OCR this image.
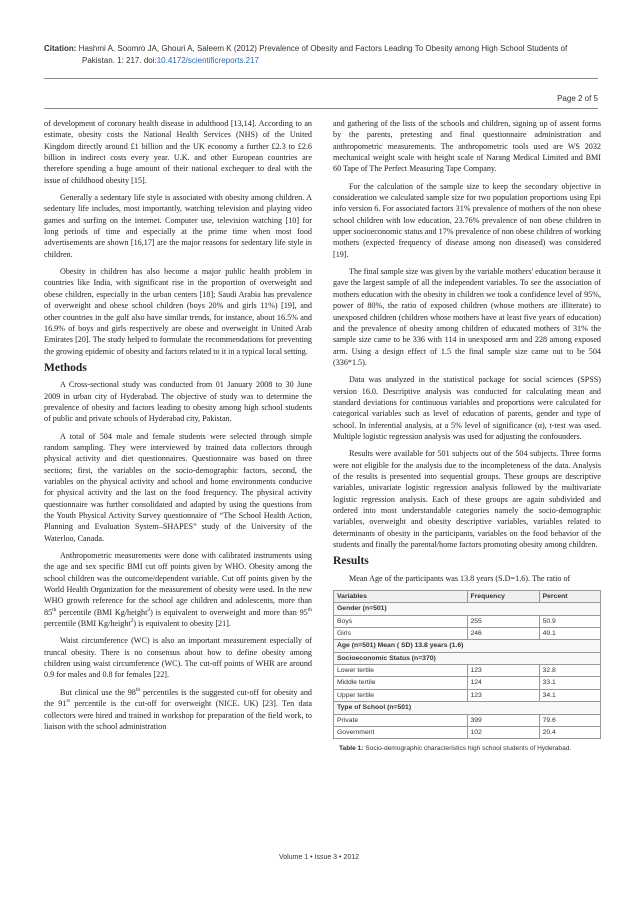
Citation: Hashmi A, Soomro JA, Ghouri A, Saleem K (2012) Prevalence of Obesity and Factors Leading To Obesity among High School Students of
Pakistan. 1: 217. doi:10.4172/scientificreports.217
Page 2 of 5

of development of coronary health disease in adulthood [13,14]. According to an estimate, obesity costs the National Health Services (NHS) of the United Kingdom directly around £1 billion and the UK economy a further £2.3 to £2.6 billion in indirect costs every year. U.K. and other European countries are therefore spending a huge amount of their national exchequer to deal with the issue of childhood obesity [15].

Generally a sedentary life style is associated with obesity among children. A sedentary life includes, most importantly, watching television and playing video games and surfing on the internet. Computer use, television watching [10] for long periods of time and especially at the prime time when most food advertisements are shown [16,17] are the major reasons for sedentary life style in children.

Obesity in children has also become a major public health problem in countries like India, with significant rise in the proportion of overweight and obese children, especially in the urban centers [18]; Saudi Arabia has prevalence of overweight and obese school children (boys 20% and girls 11%) [19], and other countries in the gulf also have similar trends, for instance, about 16.5% and 16.9% of boys and girls respectively are obese and overweight in United Arab Emirates [20]. The study helped to formulate the recommendations for preventing the growing epidemic of obesity and factors related to it in a typical local setting.

Methods

A Cross-sectional study was conducted from 01 January 2008 to 30 June 2009 in urban city of Hyderabad. The objective of study was to determine the prevalence of obesity and factors leading to obesity among high school students of public and private schools of Hyderabad city, Pakistan.

A total of 504 male and female students were selected through simple random sampling. They were interviewed by trained data collectors through physical activity and diet questionnaires. Questionnaire was based on three sections; first, the variables on the socio-demographic factors, second, the variables on the physical activity and school and home environments conducive for physical activity and the last on the food frequency. The physical activity questionnaire was further consolidated and adapted by using the questions from the Youth Physical Activity Survey questionnaire of “The School Health Action, Planning and Evaluation System–SHAPES” study of the University of the Waterloo, Canada.

Anthropometric measurements were done with calibrated instruments using the age and sex specific BMI cut off points given by WHO. Obesity among the school children was the outcome/dependent variable. Cut off points given by the World Health Organization for the measurement of obesity were used. In the new WHO growth reference for the school age children and adolescents, more than 85th percentile (BMI Kg/height$^2$) is equivalent to overweight and more than 95th percentile (BMI Kg/height$^2$) is equivalent to obesity [21].

Waist circumference (WC) is also an important measurement especially of truncal obesity. There is no consensus about how to define obesity among children using waist circumference (WC). The cut-off points of WHR are around 0.9 for males and 0.8 for females [22].

But clinical use the 98th percentiles is the suggested cut-off for obesity and the 91st percentile is the cut-off for overweight (NICE. UK) [23]. Ten data collectors were hired and trained in workshop for preparation of the field work, to liaison with the school administration

and gathering of the lists of the schools and children, signing up of assent forms by the parents, pretesting and final questionnaire administration and anthropometric measurements. The anthropometric tools used are WS 2032 mechanical weight scale with height scale of Narang Medical Limited and BMI 60 Tape of The Perfect Measuring Tape Company.

For the calculation of the sample size to keep the secondary objective in consideration we calculated sample size for two population proportions using Epi info version 6. For associated factors 31% prevalence of mothers of the non obese school children with low education, 23.76% prevalence of non obese children in upper socioeconomic status and 17% prevalence of non obese children of working mothers (expected frequency of disease among non diseased) was considered [19].

The final sample size was given by the variable mothers' education because it gave the largest sample of all the independent variables. To see the association of mothers education with the obesity in children we took a confidence level of 95%, power of 80%, the ratio of exposed children (whose mothers are illiterate) to unexposed children (children whose mothers have at least five years of education) and the prevalence of obesity among children of educated mothers of 31% the sample size came to be 336 with 114 in unexposed arm and 228 among exposed arm. Using a design effect of 1.5 the final sample size came out to be 504 (336*1.5).

Data was analyzed in the statistical package for social sciences (SPSS) version 16.0. Descriptive analysis was conducted for calculating mean and standard deviations for continuous variables and proportions were calculated for categorical variables such as level of education of parents, gender and type of school. In inferential analysis, at a 5% level of significance (α), t-test was used. Multiple logistic regression analysis was used for adjusting the confounders.

Results were available for 501 subjects out of the 504 subjects. Three forms were not eligible for the analysis due to the incompleteness of the data. Analysis of the results is presented into sequential groups. These groups are descriptive variables, univariate logistic regression analysis followed by the multivariate logistic regression analysis. Each of these groups are again subdivided and ordered into most understandable categories namely the socio-demographic variables, overweight and obesity descriptive variables, variables related to determinants of obesity in the participants, variables on the food behavior of the students and finally the parental/home factors promoting obesity among children.

Results

Mean Age of the participants was 13.8 years (S.D=1.6). The ratio of

Variables	Frequency	Percent
Gender (n=501)		
Boys	255	50.9
Girls	246	49.1
Age (n=501) Mean ( SD) 13.8 years (1.6)		
Socioeconomic Status (n=370)		
Lower tertile	123	32.8
Middle tertile	124	33.1
Upper tertile	123	34.1
Type of School (n=501)		
Private	399	79.6
Government	102	20.4
Table 1: Socio-demographic characteristics high school students of Hyderabad.
Volume 1 • Issue 3 • 2012
